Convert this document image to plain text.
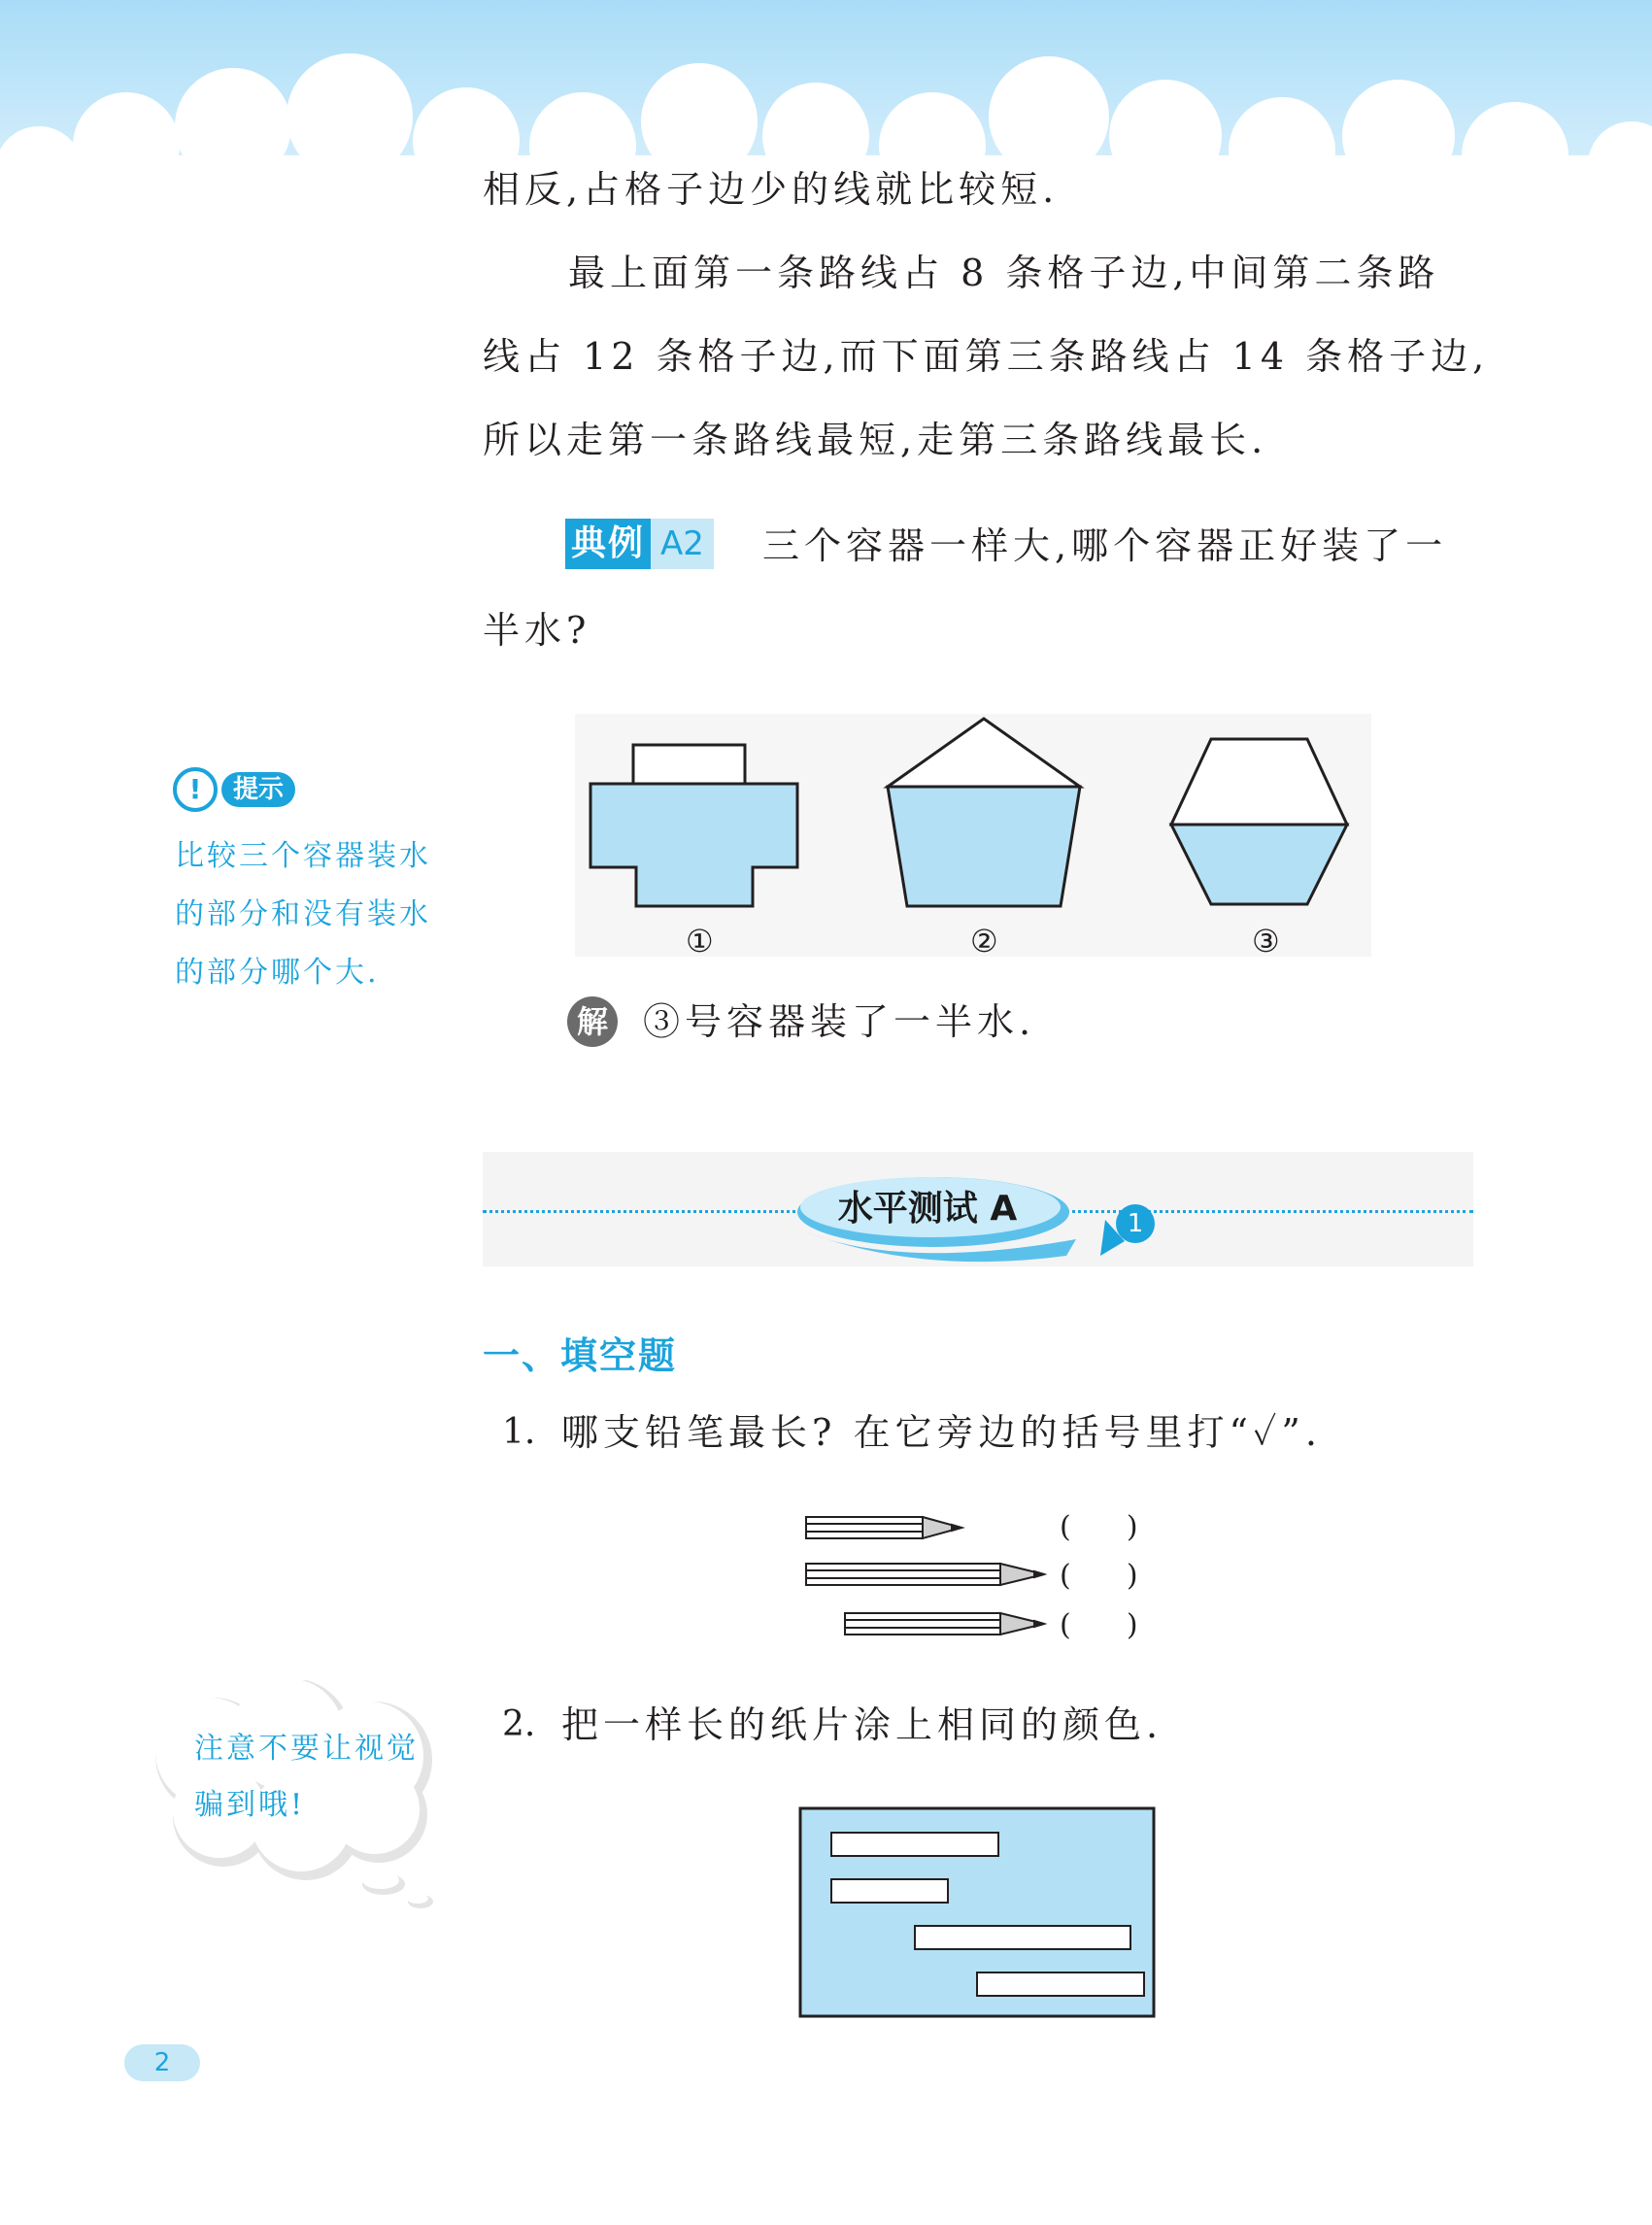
相反,占格子边少的线就比较短.
最上面第一条路线占 8 条格子边,中间第二条路
线占 12 条格子边,而下面第三条路线占 14 条格子边,
所以走第一条路线最短,走第三条路线最长.
典例 A2 三个容器一样大,哪个容器正好装了一
半水?
①	②	③
解 ③号容器装了一半水.
!	提示
比较三个容器装水
的部分和没有装水
的部分哪个大.
水平测试 A	1
一、填空题
1. 哪支铅笔最长? 在它旁边的括号里打“✓”.
(      )
(      )
(      )
注意不要让视觉
骗到哦!
2. 把一样长的纸片涂上相同的颜色.
2
